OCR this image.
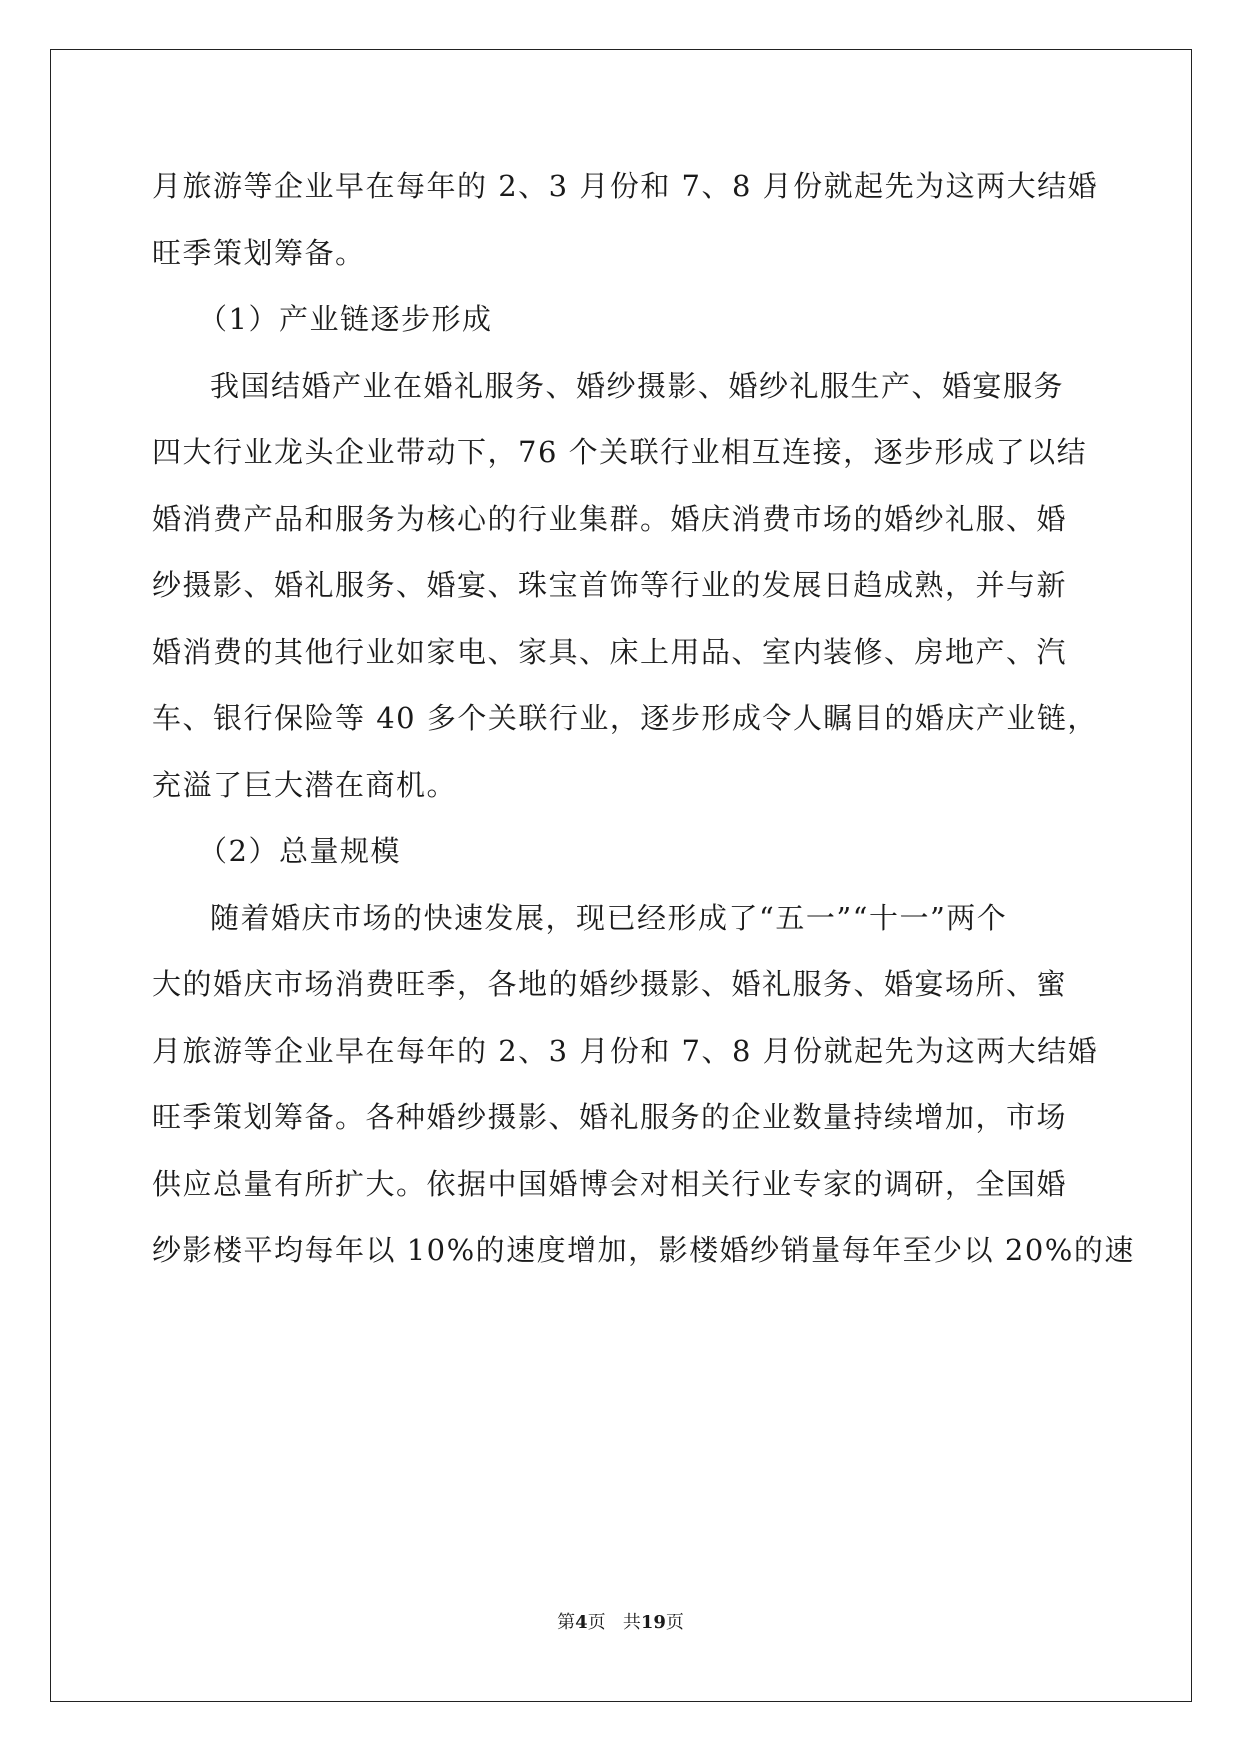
月旅游等企业早在每年的 2、3 月份和 7、8 月份就起先为这两大结婚
旺季策划筹备。
（1）产业链逐步形成
我国结婚产业在婚礼服务、婚纱摄影、婚纱礼服生产、婚宴服务
四大行业龙头企业带动下，76 个关联行业相互连接，逐步形成了以结
婚消费产品和服务为核心的行业集群。婚庆消费市场的婚纱礼服、婚
纱摄影、婚礼服务、婚宴、珠宝首饰等行业的发展日趋成熟，并与新
婚消费的其他行业如家电、家具、床上用品、室内装修、房地产、汽
车、银行保险等 40 多个关联行业，逐步形成令人瞩目的婚庆产业链，
充溢了巨大潜在商机。
（2）总量规模
随着婚庆市场的快速发展，现已经形成了“五一”“十一”两个
大的婚庆市场消费旺季，各地的婚纱摄影、婚礼服务、婚宴场所、蜜
月旅游等企业早在每年的 2、3 月份和 7、8 月份就起先为这两大结婚
旺季策划筹备。各种婚纱摄影、婚礼服务的企业数量持续增加，市场
供应总量有所扩大。依据中国婚博会对相关行业专家的调研，全国婚
纱影楼平均每年以 10%的速度增加，影楼婚纱销量每年至少以 20%的速
第4页 共19页
